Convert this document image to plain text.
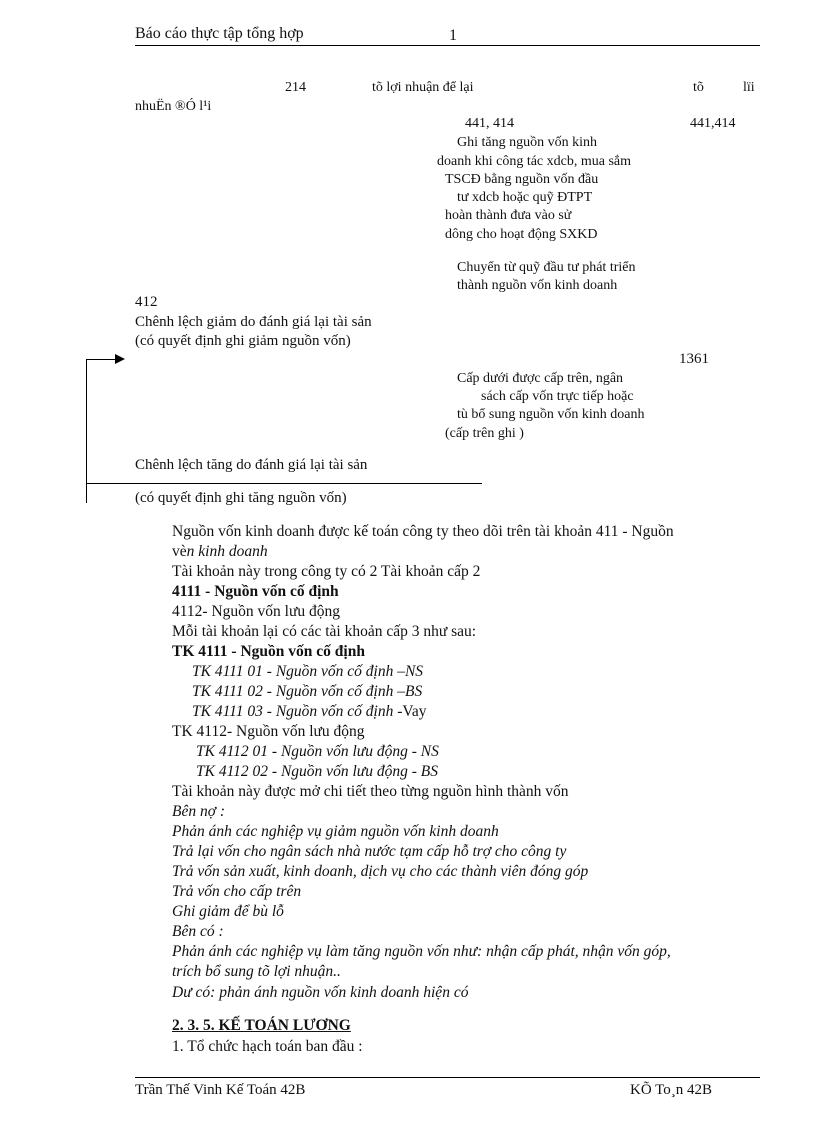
Báo cáo thực tập tổng hợp	1
214	tõ lợi nhuận để lại	tõ	lïi
nhuËn ®Ó l¹i
441, 414	441,414
Ghi tăng nguồn vốn kinh
doanh khi công tác xdcb, mua sắm
TSCĐ bằng nguồn vốn đầu
tư xdcb hoặc quỹ ĐTPT
hoàn thành đưa vào sử
dông cho hoạt động SXKD
Chuyển từ quỹ đầu tư phát triển
thành nguồn vốn kinh doanh
412
Chênh lệch giảm do đánh giá lại tài sản
(có quyết định ghi giảm nguồn vốn)
1361
Cấp dưới được cấp trên, ngân
sách cấp vốn trực tiếp hoặc
tù bổ sung nguồn vốn kinh doanh
(cấp trên ghi )
Chênh lệch tăng do đánh giá lại tài sản
(có quyết định ghi tăng nguồn vốn)
Nguồn vốn kinh doanh được kế toán công ty theo dõi trên tài khoản 411 - Nguồn
vèn kinh doanh
Tài khoản này trong công ty có 2 Tài khoản cấp 2
4111 - Nguồn vốn cố định
4112- Nguồn vốn lưu động
Mỗi tài khoản lại có các tài khoản cấp 3 như sau:
TK 4111 - Nguồn vốn cố định
TK 4111 01 - Nguồn vốn cố định –NS
TK 4111 02 - Nguồn vốn cố định –BS
TK 4111 03 - Nguồn vốn cố định -Vay
TK 4112- Nguồn vốn lưu động
TK 4112 01 - Nguồn vốn lưu động - NS
TK 4112 02 - Nguồn vốn lưu động - BS
Tài khoản này được mở chi tiết theo từng nguồn hình thành vốn
Bên nợ :
Phản ánh các nghiệp vụ giảm nguồn vốn kinh doanh
Trả lại vốn cho ngân sách nhà nước tạm cấp hỗ trợ cho công ty
Trả vốn sản xuất, kinh doanh, dịch vụ cho các thành viên đóng góp
Trả vốn cho cấp trên
Ghi giảm để bù lỗ
Bên có :
Phản ánh các nghiệp vụ làm tăng nguồn vốn như: nhận cấp phát, nhận vốn góp,
trích bổ sung tõ lợi nhuận..
Dư có: phản ánh nguồn vốn kinh doanh hiện có
2. 3. 5. KẾ TOÁN LƯƠNG
1. Tổ chức hạch toán ban đầu :
Trần Thế Vinh Kế Toán 42B	KÕ To¸n 42B
